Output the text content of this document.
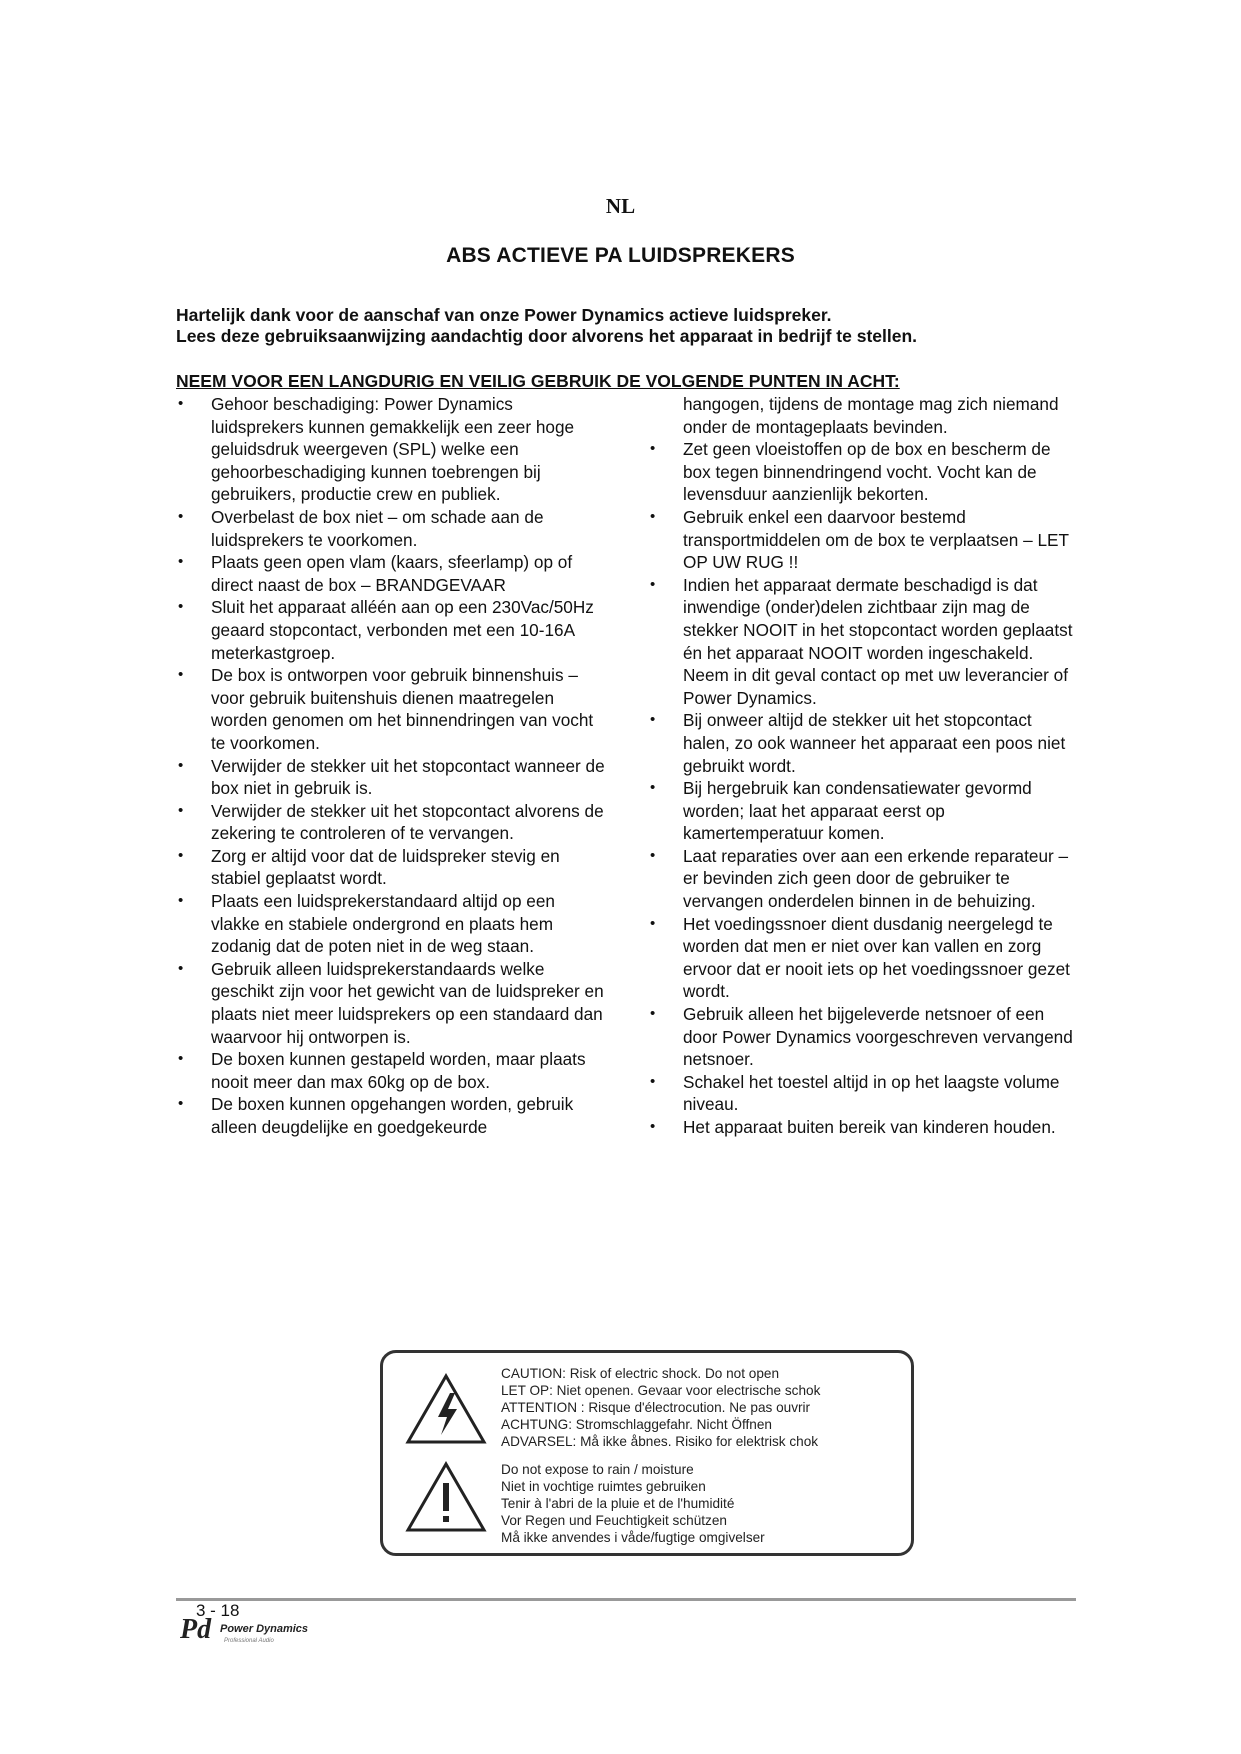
NL
ABS ACTIEVE PA LUIDSPREKERS
Hartelijk dank voor de aanschaf van onze Power Dynamics actieve luidspreker.
Lees deze gebruiksaanwijzing aandachtig door alvorens het apparaat in bedrijf te stellen.
NEEM VOOR EEN LANGDURIG EN VEILIG GEBRUIK DE VOLGENDE PUNTEN IN ACHT:
• Gehoor beschadiging: Power Dynamics luidsprekers kunnen gemakkelijk een zeer hoge geluidsdruk weergeven (SPL) welke een gehoorbeschadiging kunnen toebrengen bij gebruikers, productie crew en publiek.
• Overbelast de box niet – om schade aan de luidsprekers te voorkomen.
• Plaats geen open vlam (kaars, sfeerlamp) op of direct naast de box – BRANDGEVAAR
• Sluit het apparaat alléén aan op een 230Vac/50Hz geaard stopcontact, verbonden met een 10-16A meterkastgroep.
• De box is ontworpen voor gebruik binnenshuis – voor gebruik buitenshuis dienen maatregelen worden genomen om het binnendringen van vocht te voorkomen.
• Verwijder de stekker uit het stopcontact wanneer de box niet in gebruik is.
• Verwijder de stekker uit het stopcontact alvorens de zekering te controleren of te vervangen.
• Zorg er altijd voor dat de luidspreker stevig en stabiel geplaatst wordt.
• Plaats een luidsprekerstandaard altijd op een vlakke en stabiele ondergrond en plaats hem zodanig dat de poten niet in de weg staan.
• Gebruik alleen luidsprekerstandaards welke geschikt zijn voor het gewicht van de luidspreker en plaats niet meer luidsprekers op een standaard dan waarvoor hij ontworpen is.
• De boxen kunnen gestapeld worden, maar plaats nooit meer dan max 60kg op de box.
• De boxen kunnen opgehangen worden, gebruik alleen deugdelijke en goedgekeurde
hangogen, tijdens de montage mag zich niemand onder de montageplaats bevinden.
• Zet geen vloeistoffen op de box en bescherm de box tegen binnendringend vocht. Vocht kan de levensduur aanzienlijk bekorten.
• Gebruik enkel een daarvoor bestemd transportmiddelen om de box te verplaatsen – LET OP UW RUG !!
• Indien het apparaat dermate beschadigd is dat inwendige (onder)delen zichtbaar zijn mag de stekker NOOIT in het stopcontact worden geplaatst én het apparaat NOOIT worden ingeschakeld. Neem in dit geval contact op met uw leverancier of Power Dynamics.
• Bij onweer altijd de stekker uit het stopcontact halen, zo ook wanneer het apparaat een poos niet gebruikt wordt.
• Bij hergebruik kan condensatiewater gevormd worden; laat het apparaat eerst op kamertemperatuur komen.
• Laat reparaties over aan een erkende reparateur – er bevinden zich geen door de gebruiker te vervangen onderdelen binnen in de behuizing.
• Het voedingssnoer dient dusdanig neergelegd te worden dat men er niet over kan vallen en zorg ervoor dat er nooit iets op het voedingssnoer gezet wordt.
• Gebruik alleen het bijgeleverde netsnoer of een door Power Dynamics voorgeschreven vervangend netsnoer.
• Schakel het toestel altijd in op het laagste volume niveau.
• Het apparaat buiten bereik van kinderen houden.
CAUTION: Risk of electric shock. Do not open
LET OP: Niet openen. Gevaar voor electrische schok
ATTENTION : Risque d'électrocution. Ne pas ouvrir
ACHTUNG: Stromschlaggefahr. Nicht Öffnen
ADVARSEL: Må ikke åbnes. Risiko for elektrisk chok
Do not expose to rain / moisture
Niet in vochtige ruimtes gebruiken
Tenir à l'abri de la pluie et de l'humidité
Vor Regen und Feuchtigkeit schützen
Må ikke anvendes i våde/fugtige omgivelser
3 - 18
Pd Power Dynamics
Professional Audio
